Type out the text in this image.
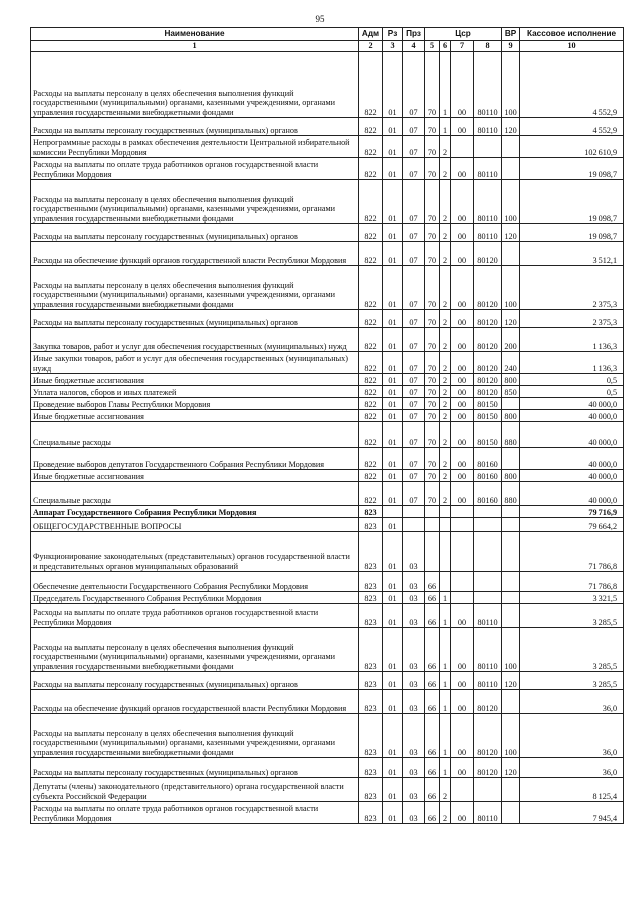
95
Наименование	Адм	Рз	Прз	Цср				ВР	Кассовое исполнение
1	2	3	4	5	6	7	8	9	10
Расходы на выплаты персоналу в целях обеспечения выполнения функций государственными (муниципальными) органами, казенными учреждениями, органами управления государственными внебюджетными фондами	822	01	07	70	1	00	80110	100	4 552,9
Расходы на выплаты персоналу государственных (муниципальных) органов	822	01	07	70	1	00	80110	120	4 552,9
Непрограммные расходы в рамках обеспечения деятельности Центральной избирательной комиссии Республики Мордовия	822	01	07	70	2				102 610,9
Расходы на выплаты по оплате труда работников органов государственной власти Республики Мордовия	822	01	07	70	2	00	80110		19 098,7
Расходы на выплаты персоналу в целях обеспечения выполнения функций государственными (муниципальными) органами, казенными учреждениями, органами управления государственными внебюджетными фондами	822	01	07	70	2	00	80110	100	19 098,7
Расходы на выплаты персоналу государственных (муниципальных) органов	822	01	07	70	2	00	80110	120	19 098,7
Расходы на обеспечение функций органов государственной власти Республики Мордовия	822	01	07	70	2	00	80120		3 512,1
Расходы на выплаты персоналу в целях обеспечения выполнения функций государственными (муниципальными) органами, казенными учреждениями, органами управления государственными внебюджетными фондами	822	01	07	70	2	00	80120	100	2 375,3
Расходы на выплаты персоналу государственных (муниципальных) органов	822	01	07	70	2	00	80120	120	2 375,3
Закупка товаров, работ и услуг для обеспечения государственных (муниципальных) нужд	822	01	07	70	2	00	80120	200	1 136,3
Иные закупки товаров, работ и услуг для обеспечения государственных (муниципальных) нужд	822	01	07	70	2	00	80120	240	1 136,3
Иные бюджетные ассигнования	822	01	07	70	2	00	80120	800	0,5
Уплата налогов, сборов и иных платежей	822	01	07	70	2	00	80120	850	0,5
Проведение выборов Главы Республики Мордовия	822	01	07	70	2	00	80150		40 000,0
Иные бюджетные ассигнования	822	01	07	70	2	00	80150	800	40 000,0
Специальные расходы	822	01	07	70	2	00	80150	880	40 000,0
Проведение выборов депутатов Государственного Собрания Республики Мордовия	822	01	07	70	2	00	80160		40 000,0
Иные бюджетные ассигнования	822	01	07	70	2	00	80160	800	40 000,0
Специальные расходы	822	01	07	70	2	00	80160	880	40 000,0
Аппарат Государственного Собрания Республики Мордовия	823								79 716,9
ОБЩЕГОСУДАРСТВЕННЫЕ ВОПРОСЫ	823	01							79 664,2
Функционирование законодательных (представительных) органов государственной власти и представительных органов муниципальных образований	823	01	03						71 786,8
Обеспечение деятельности Государственного Собрания Республики Мордовия	823	01	03	66					71 786,8
Председатель Государственного Собрания Республики Мордовия	823	01	03	66	1				3 321,5
Расходы на выплаты по оплате труда работников органов государственной власти Республики Мордовия	823	01	03	66	1	00	80110		3 285,5
Расходы на выплаты персоналу в целях обеспечения выполнения функций государственными (муниципальными) органами, казенными учреждениями, органами управления государственными внебюджетными фондами	823	01	03	66	1	00	80110	100	3 285,5
Расходы на выплаты персоналу государственных (муниципальных) органов	823	01	03	66	1	00	80110	120	3 285,5
Расходы на обеспечение функций органов государственной власти Республики Мордовия	823	01	03	66	1	00	80120		36,0
Расходы на выплаты персоналу в целях обеспечения выполнения функций государственными (муниципальными) органами, казенными учреждениями, органами управления государственными внебюджетными фондами	823	01	03	66	1	00	80120	100	36,0
Расходы на выплаты персоналу государственных (муниципальных) органов	823	01	03	66	1	00	80120	120	36,0
Депутаты (члены) законодательного (представительного) органа государственной власти субъекта Российской Федерации	823	01	03	66	2				8 125,4
Расходы на выплаты по оплате труда работников органов государственной власти Республики Мордовия	823	01	03	66	2	00	80110		7 945,4
